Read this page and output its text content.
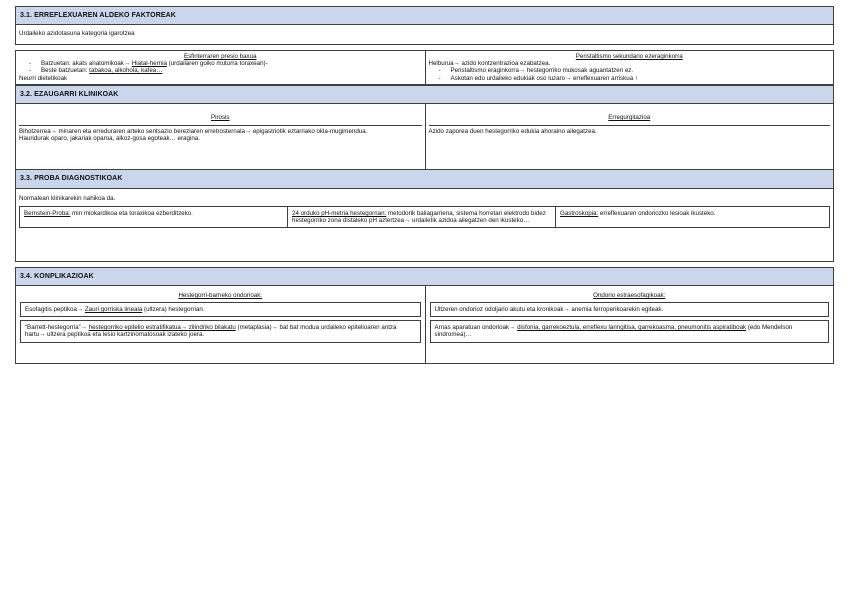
3.1. ERREFLEXUAREN ALDEKO FAKTOREAK
Urdaileko azidotasuna kategoria igarotzea
Esfinterraren presio baxua
- Batzuetan: akats anatomikoak→ Hiatal-hernia (urdailaren goiko muturra toraxean)-
- Beste batzuetan: tabakoa, alkohola, kafea…
Neurri dietetikoak
Peristaltismo sekundario ezeraginkorra
Helburua→ azido kontzentrazioa ezabatzea.
- Peristaltismo eraginkorra→ hestegorriko mukosak aguantatzen ez.
- Askotan edo urdaileko edukiak oso luzaro→ erreflexuaren arriskua ↑
3.2. EZAUGARRI KLINIKOAK
Pirosis
Bihotzerrea→ minaren eta erreduraren arteko sentsazio bereziaren erretrosternala→ epigastriotik eztarriako okla-mugimendua.
Hauridurak oparo, jakariak oparoa, alkoz-gosa egoteak… eragina.
Erregurgitazioa
Azido zaporea duen hestegorriko edukia ahoraino ailegatzea.
3.3. PROBA DIAGNOSTIKOAK
Normalean klinikarekin nahikoa da.
Bernstein-Proba: min miokardikoa eta toraxikoa ezberditzeko.	24 orduko pH-metria hestegorrian: metodorik baliagarriena, sistema horretan elektrodo bidez hestegorriko zona distaleko pH aztertzea→ urdailetik azidoa ailegatzen den ikusteko…
Gastroskopia: erreflexuaren ondoriozko lesioak ikusteko.
3.4. KONPLIKAZIOAK
Hestegorri-barneko ondorioak:
Esofagitis peptikoa→ Zauri gorriska lineala (ultzera) hestegorrian.
“Barrett-hestegorria”→ hestegorriko epitelio estratifikatua→ zilindriko bilakatu (metaplasia)→ bat bat modua urdaileko epitelioaren antza hartu→ ultzera peptikoa eta lesio kartzinomatosoak izateko joera.
Ondorio estraesofagikoak:
Ultzeren ondorioz odoljario akutu eta kronikoak→ anemia ferroperikoarekin egiteak.
Arnas aparatuan ondorioak→ disfonia, garrekoeztula, erreflexu laringitisa, garrekoasma, pneumonitis aspiratiboak (edo Mendelson sindromea)…
